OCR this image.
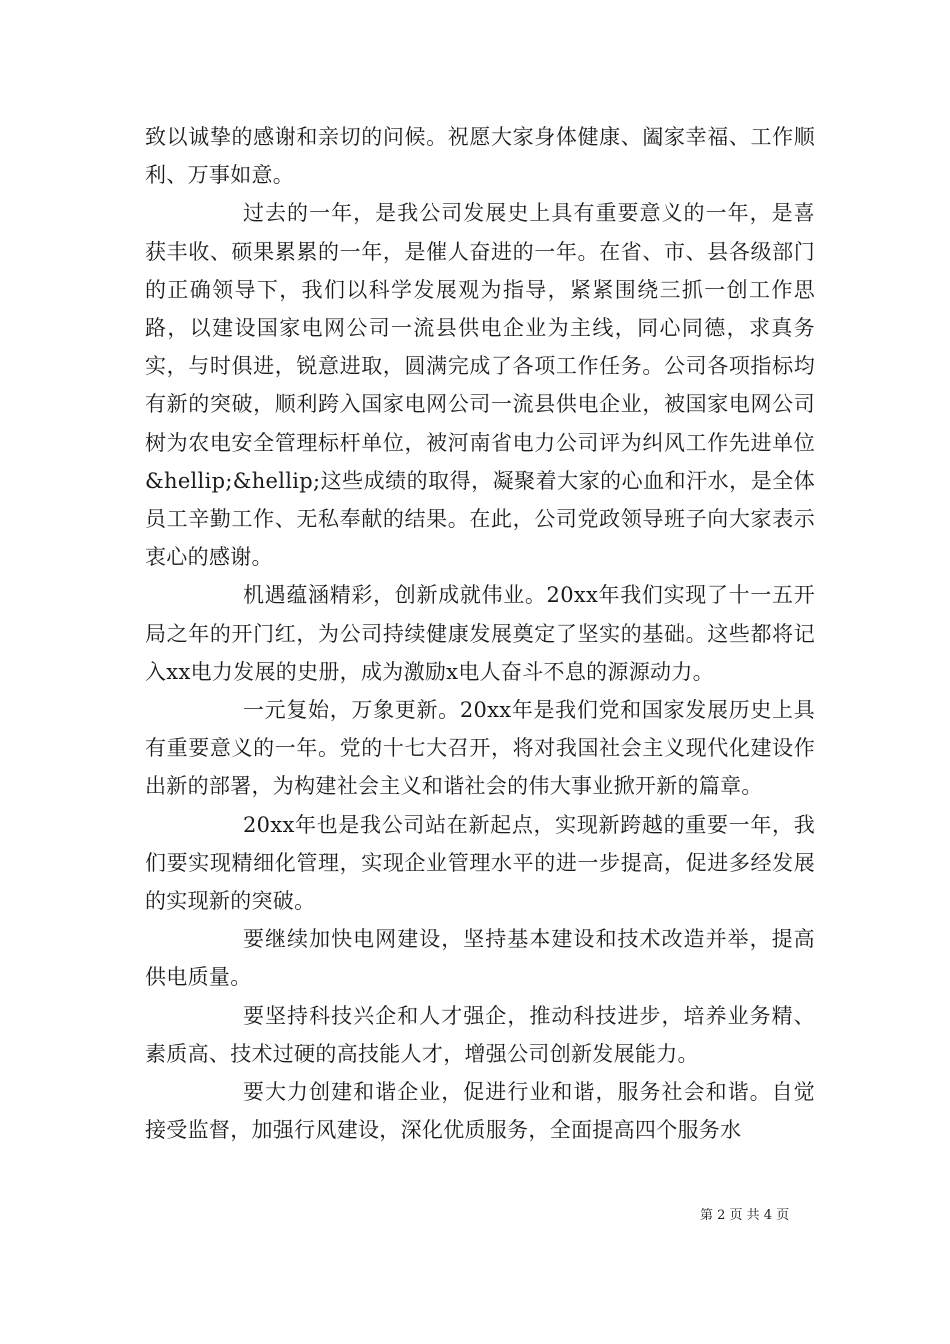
致以诚挚的感谢和亲切的问候。祝愿大家身体健康、阖家幸福、工作顺利、万事如意。

过去的一年，是我公司发展史上具有重要意义的一年，是喜获丰收、硕果累累的一年，是催人奋进的一年。在省、市、县各级部门的正确领导下，我们以科学发展观为指导，紧紧围绕三抓一创工作思路，以建设国家电网公司一流县供电企业为主线，同心同德，求真务实，与时俱进，锐意进取，圆满完成了各项工作任务。公司各项指标均有新的突破，顺利跨入国家电网公司一流县供电企业，被国家电网公司树为农电安全管理标杆单位，被河南省电力公司评为纠风工作先进单位&hellip;&hellip;这些成绩的取得，凝聚着大家的心血和汗水，是全体员工辛勤工作、无私奉献的结果。在此，公司党政领导班子向大家表示衷心的感谢。

机遇蕴涵精彩，创新成就伟业。20xx年我们实现了十一五开局之年的开门红，为公司持续健康发展奠定了坚实的基础。这些都将记入xx电力发展的史册，成为激励x电人奋斗不息的源源动力。

一元复始，万象更新。20xx年是我们党和国家发展历史上具有重要意义的一年。党的十七大召开，将对我国社会主义现代化建设作出新的部署，为构建社会主义和谐社会的伟大事业掀开新的篇章。

20xx年也是我公司站在新起点，实现新跨越的重要一年，我们要实现精细化管理，实现企业管理水平的进一步提高，促进多经发展的实现新的突破。

要继续加快电网建设，坚持基本建设和技术改造并举，提高供电质量。

要坚持科技兴企和人才强企，推动科技进步，培养业务精、素质高、技术过硬的高技能人才，增强公司创新发展能力。

要大力创建和谐企业，促进行业和谐，服务社会和谐。自觉接受监督，加强行风建设，深化优质服务，全面提高四个服务水

第 2 页 共 4 页
